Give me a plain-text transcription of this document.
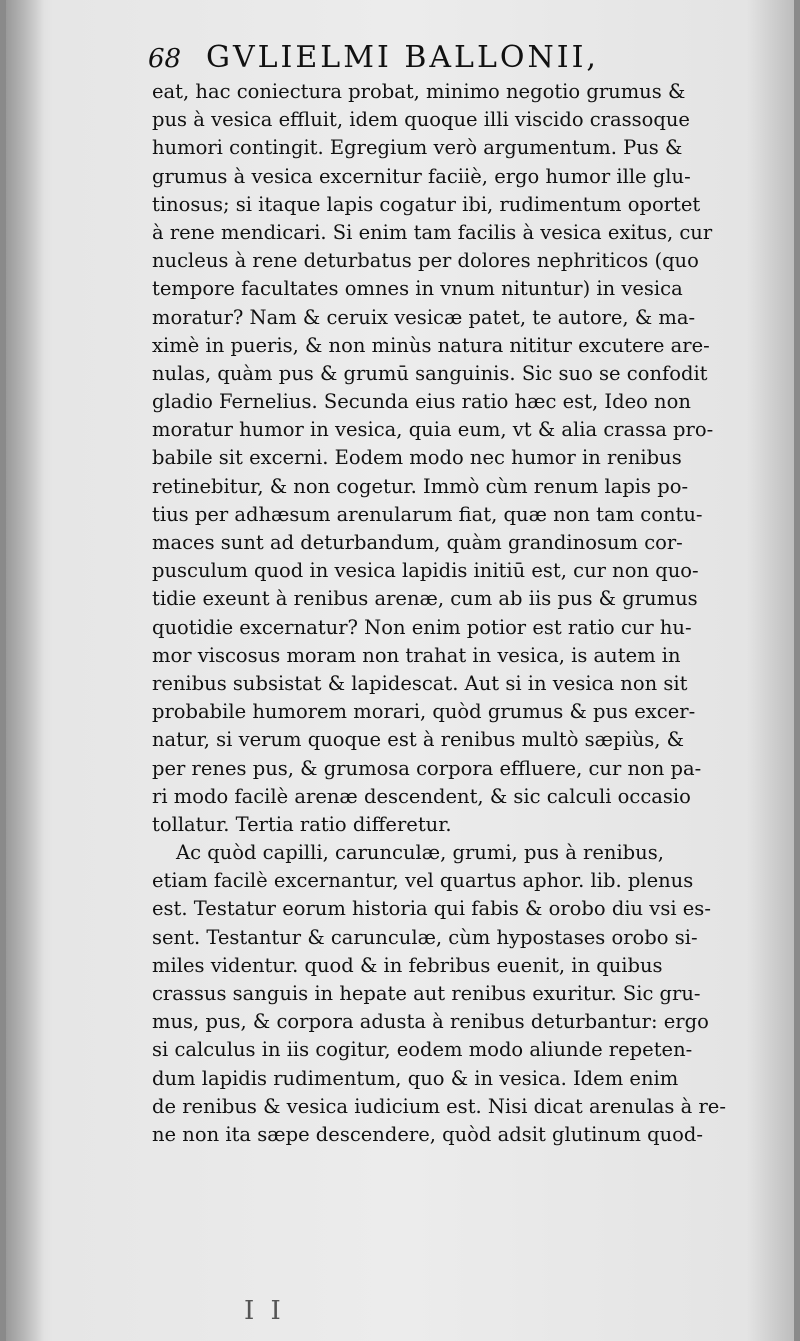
68 GVLIELMI BALLONII,
eat, hac coniectura probat, minimo negotio grumus &
pus à vesica effluit, idem quoque illi viscido crassoque
humori contingit. Egregium verò argumentum. Pus &
grumus à vesica excernitur faciiè, ergo humor ille glu-
tinosus; si itaque lapis cogatur ibi, rudimentum oportet
à rene mendicari. Si enim tam facilis à vesica exitus, cur
nucleus à rene deturbatus per dolores nephriticos (quo
tempore facultates omnes in vnum nituntur) in vesica
moratur? Nam & ceruix vesicæ patet, te autore, & ma-
ximè in pueris, & non minùs natura nititur excutere are-
nulas, quàm pus & grumū sanguinis. Sic suo se confodit
gladio Fernelius. Secunda eius ratio hæc est, Ideo non
moratur humor in vesica, quia eum, vt & alia crassa pro-
babile sit excerni. Eodem modo nec humor in renibus
retinebitur, & non cogetur. Immò cùm renum lapis po-
tius per adhæsum arenularum fiat, quæ non tam contu-
maces sunt ad deturbandum, quàm grandinosum cor-
pusculum quod in vesica lapidis initiū est, cur non quo-
tidie exeunt à renibus arenæ, cum ab iis pus & grumus
quotidie excernatur? Non enim potior est ratio cur hu-
mor viscosus moram non trahat in vesica, is autem in
renibus subsistat & lapidescat. Aut si in vesica non sit
probabile humorem morari, quòd grumus & pus excer-
natur, si verum quoque est à renibus multò sæpiùs, &
per renes pus, & grumosa corpora effluere, cur non pa-
ri modo facilè arenæ descendent, & sic calculi occasio
tollatur. Tertia ratio differetur.
Ac quòd capilli, carunculæ, grumi, pus à renibus,
etiam facilè excernantur, vel quartus aphor. lib. plenus
est. Testatur eorum historia qui fabis & orobo diu vsi es-
sent. Testantur & carunculæ, cùm hypostases orobo si-
miles videntur. quod & in febribus euenit, in quibus
crassus sanguis in hepate aut renibus exuritur. Sic gru-
mus, pus, & corpora adusta à renibus deturbantur: ergo
si calculus in iis cogitur, eodem modo aliunde repeten-
dum lapidis rudimentum, quo & in vesica. Idem enim
de renibus & vesica iudicium est. Nisi dicat arenulas à re-
ne non ita sæpe descendere, quòd adsit glutinum quod-
I I
